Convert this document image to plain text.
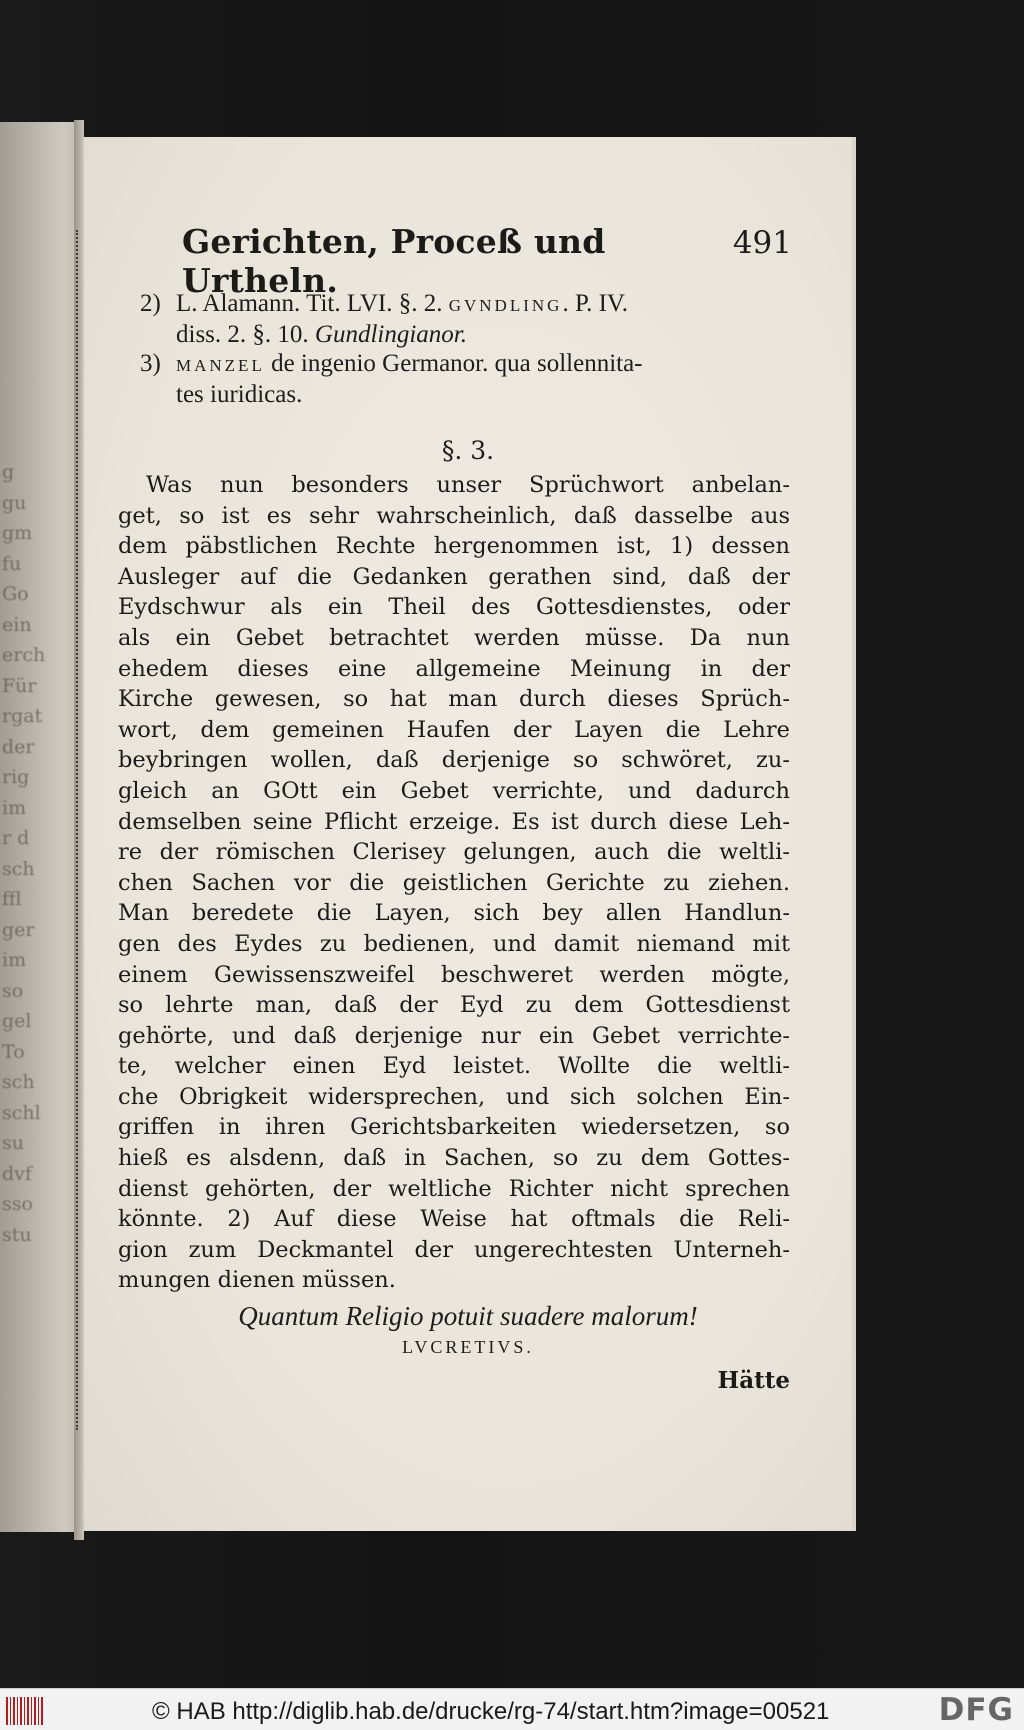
g
gu
gm
fu
Go
ein
erch
Für
rgat
der
rig
im
r d
sch
ffl
ger
im
so
gel
To
sch
schl
su
dvf
sso
stu
Gerichten, Proceß und Urtheln.
491
2) L. Alamann. Tit. LVI. §. 2. GVNDLING. P. IV.
diss. 2. §. 10. Gundlingianor.
3) MANZEL de ingenio Germanor. qua sollennita-
tes iuridicas.
§. 3.
Was nun besonders unser Sprüchwort anbelan-
get, so ist es sehr wahrscheinlich, daß dasselbe aus
dem päbstlichen Rechte hergenommen ist, 1) dessen
Ausleger auf die Gedanken gerathen sind, daß der
Eydschwur als ein Theil des Gottesdienstes, oder
als ein Gebet betrachtet werden müsse. Da nun
ehedem dieses eine allgemeine Meinung in der
Kirche gewesen, so hat man durch dieses Sprüch-
wort, dem gemeinen Haufen der Layen die Lehre
beybringen wollen, daß derjenige so schwöret, zu-
gleich an GOtt ein Gebet verrichte, und dadurch
demselben seine Pflicht erzeige. Es ist durch diese Leh-
re der römischen Clerisey gelungen, auch die weltli-
chen Sachen vor die geistlichen Gerichte zu ziehen.
Man beredete die Layen, sich bey allen Handlun-
gen des Eydes zu bedienen, und damit niemand mit
einem Gewissenszweifel beschweret werden mögte,
so lehrte man, daß der Eyd zu dem Gottesdienst
gehörte, und daß derjenige nur ein Gebet verrichte-
te, welcher einen Eyd leistet. Wollte die weltli-
che Obrigkeit widersprechen, und sich solchen Ein-
griffen in ihren Gerichtsbarkeiten wiedersetzen, so
hieß es alsdenn, daß in Sachen, so zu dem Gottes-
dienst gehörten, der weltliche Richter nicht sprechen
könnte. 2) Auf diese Weise hat oftmals die Reli-
gion zum Deckmantel der ungerechtesten Unterneh-
mungen dienen müssen.
Quantum Religio potuit suadere malorum!
LVCRETIVS.
Hätte
© HAB http://diglib.hab.de/drucke/rg-74/start.htm?image=00521	DFG
